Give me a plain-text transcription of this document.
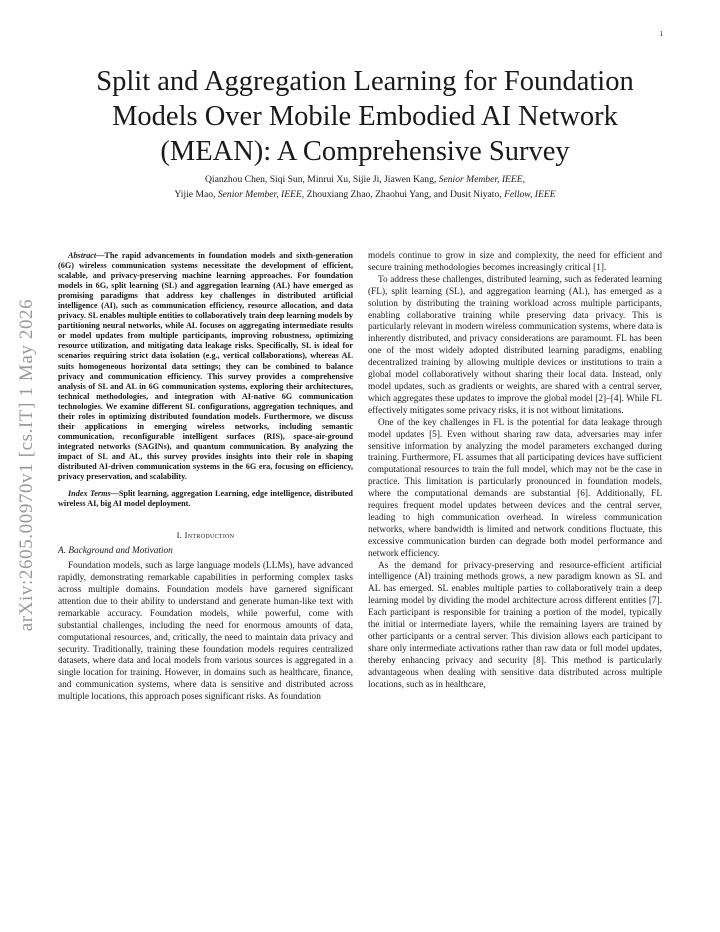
1
arXiv:2605.00970v1 [cs.IT] 1 May 2026
Split and Aggregation Learning for Foundation Models Over Mobile Embodied AI Network (MEAN): A Comprehensive Survey
Qianzhou Chen, Siqi Sun, Minrui Xu, Sijie Ji, Jiawen Kang, Senior Member, IEEE,
Yijie Mao, Senior Member, IEEE, Zhouxiang Zhao, Zhaohui Yang, and Dusit Niyato, Fellow, IEEE

Abstract—The rapid advancements in foundation models and sixth-generation (6G) wireless communication systems necessitate the development of efficient, scalable, and privacy-preserving machine learning approaches. For foundation models in 6G, split learning (SL) and aggregation learning (AL) have emerged as promising paradigms that address key challenges in distributed artificial intelligence (AI), such as communication efficiency, resource allocation, and data privacy. SL enables multiple entities to collaboratively train deep learning models by partitioning neural networks, while AL focuses on aggregating intermediate results or model updates from multiple participants, improving robustness, optimizing resource utilization, and mitigating data leakage risks. Specifically, SL is ideal for scenarios requiring strict data isolation (e.g., vertical collaborations), whereas AL suits homogeneous horizontal data settings; they can be combined to balance privacy and communication efficiency. This survey provides a comprehensive analysis of SL and AL in 6G communication systems, exploring their architectures, technical methodologies, and integration with AI-native 6G communication technologies. We examine different SL configurations, aggregation techniques, and their roles in optimizing distributed foundation models. Furthermore, we discuss their applications in emerging wireless networks, including semantic communication, reconfigurable intelligent surfaces (RIS), space-air-ground integrated networks (SAGINs), and quantum communication. By analyzing the impact of SL and AL, this survey provides insights into their role in shaping distributed AI-driven communication systems in the 6G era, focusing on efficiency, privacy preservation, and scalability.

Index Terms—Split learning, aggregation Learning, edge intelligence, distributed wireless AI, big AI model deployment.

I. Introduction
A. Background and Motivation

Foundation models, such as large language models (LLMs), have advanced rapidly, demonstrating remarkable capabilities in performing complex tasks across multiple domains. Foundation models have garnered significant attention due to their ability to understand and generate human-like text with remarkable accuracy. Foundation models, while powerful, come with substantial challenges, including the need for enormous amounts of data, computational resources, and, critically, the need to maintain data privacy and security. Traditionally, training these foundation models requires centralized datasets, where data and local models from various sources is aggregated in a single location for training. However, in domains such as healthcare, finance, and communication systems, where data is sensitive and distributed across multiple locations, this approach poses significant risks. As foundation

models continue to grow in size and complexity, the need for efficient and secure training methodologies becomes increasingly critical [1].

To address these challenges, distributed learning, such as federated learning (FL), split learning (SL), and aggregation learning (AL), has emerged as a solution by distributing the training workload across multiple participants, enabling collaborative training while preserving data privacy. This is particularly relevant in modern wireless communication systems, where data is inherently distributed, and privacy considerations are paramount. FL has been one of the most widely adopted distributed learning paradigms, enabling decentralized training by allowing multiple devices or institutions to train a global model collaboratively without sharing their local data. Instead, only model updates, such as gradients or weights, are shared with a central server, which aggregates these updates to improve the global model [2]–[4]. While FL effectively mitigates some privacy risks, it is not without limitations.

One of the key challenges in FL is the potential for data leakage through model updates [5]. Even without sharing raw data, adversaries may infer sensitive information by analyzing the model parameters exchanged during training. Furthermore, FL assumes that all participating devices have sufficient computational resources to train the full model, which may not be the case in practice. This limitation is particularly pronounced in foundation models, where the computational demands are substantial [6]. Additionally, FL requires frequent model updates between devices and the central server, leading to high communication overhead. In wireless communication networks, where bandwidth is limited and network conditions fluctuate, this excessive communication burden can degrade both model performance and network efficiency.

As the demand for privacy-preserving and resource-efficient artificial intelligence (AI) training methods grows, a new paradigm known as SL and AL has emerged. SL enables multiple parties to collaboratively train a deep learning model by dividing the model architecture across different entities [7]. Each participant is responsible for training a portion of the model, typically the initial or intermediate layers, while the remaining layers are trained by other participants or a central server. This division allows each participant to share only intermediate activations rather than raw data or full model updates, thereby enhancing privacy and security [8]. This method is particularly advantageous when dealing with sensitive data distributed across multiple locations, such as in healthcare,
